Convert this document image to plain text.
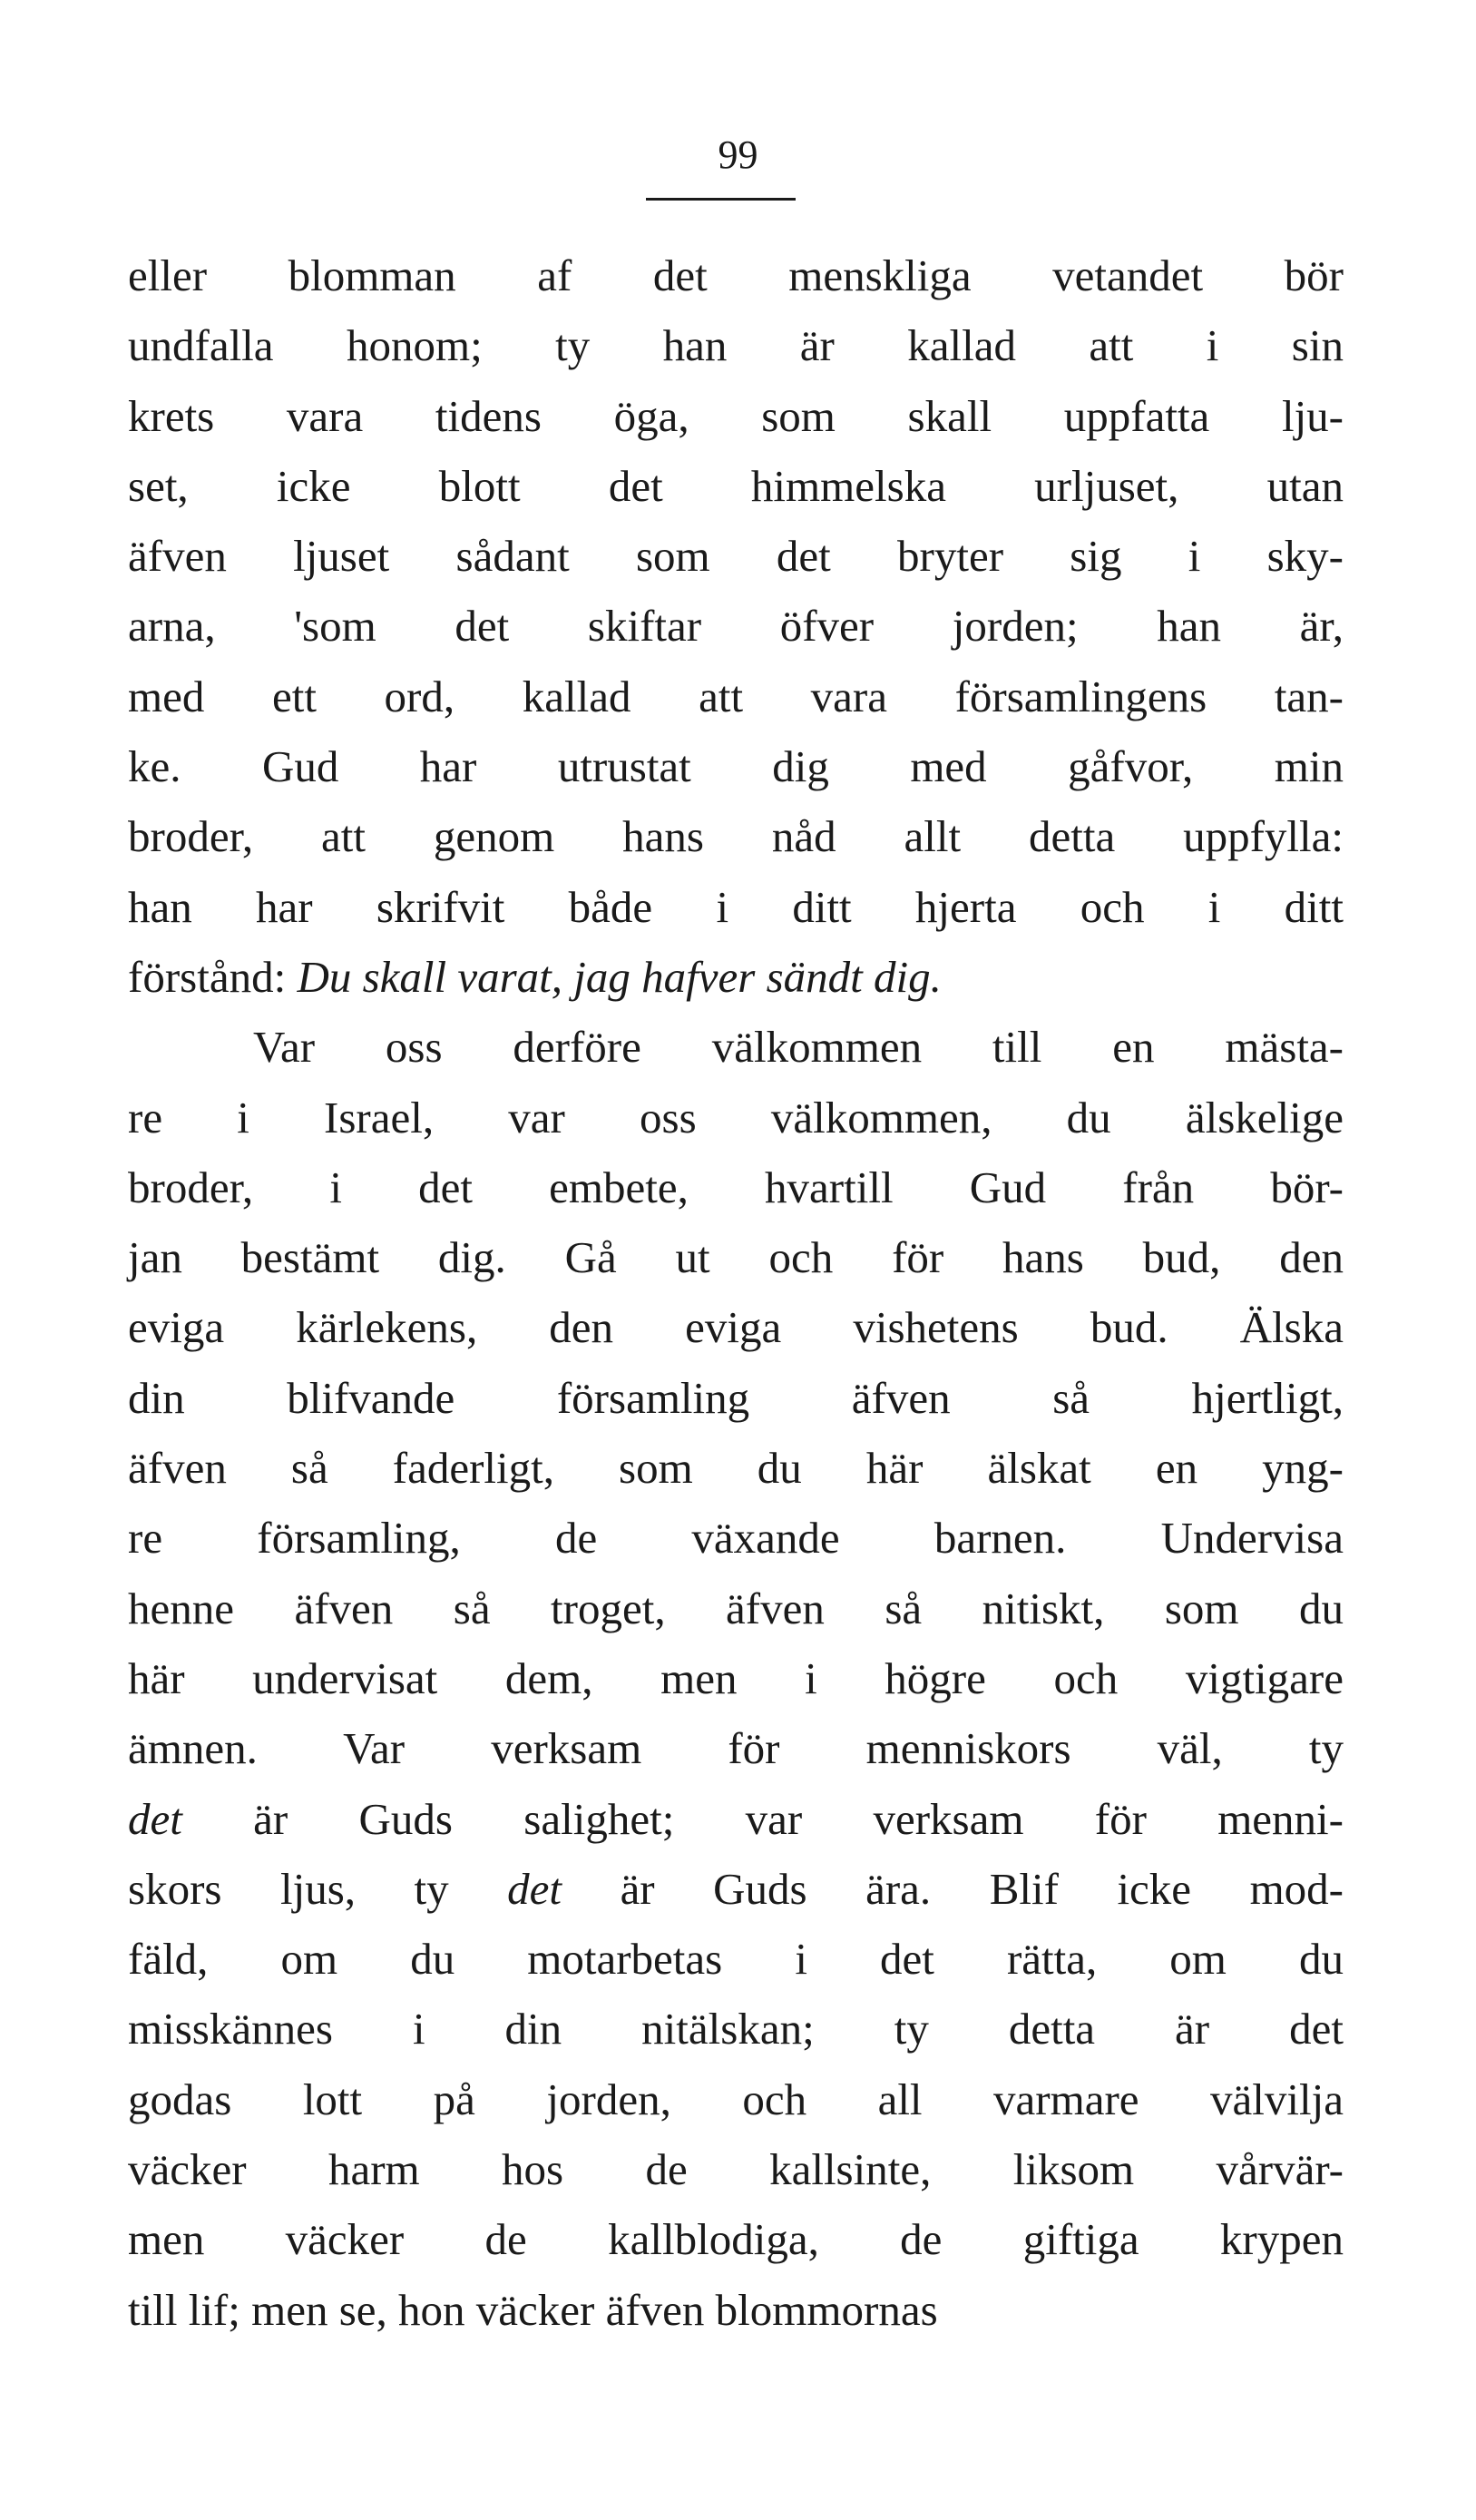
99
eller blomman af det menskliga vetandet bör
undfalla honom; ty han är kallad att i sin
krets vara tidens öga, som skall uppfatta lju-
set, icke blott det himmelska urljuset, utan
äfven ljuset sådant som det bryter sig i sky-
arna, 'som det skiftar öfver jorden; han är,
med ett ord, kallad att vara församlingens tan-
ke. Gud har utrustat dig med gåfvor, min
broder, att genom hans nåd allt detta uppfylla:
han har skrifvit både i ditt hjerta och i ditt
förstånd: Du skall varat, jag hafver sändt dig.
Var oss derföre välkommen till en mästa-
re i Israel, var oss välkommen, du älskelige
broder, i det embete, hvartill Gud från bör-
jan bestämt dig. Gå ut och för hans bud, den
eviga kärlekens, den eviga vishetens bud. Älska
din blifvande församling äfven så hjertligt,
äfven så faderligt, som du här älskat en yng-
re församling, de växande barnen. Undervisa
henne äfven så troget, äfven så nitiskt, som du
här undervisat dem, men i högre och vigtigare
ämnen. Var verksam för menniskors väl, ty
det är Guds salighet; var verksam för menni-
skors ljus, ty det är Guds ära. Blif icke mod-
fäld, om du motarbetas i det rätta, om du
misskännes i din nitälskan; ty detta är det
godas lott på jorden, och all varmare välvilja
väcker harm hos de kallsinte, liksom vårvär-
men väcker de kallblodiga, de giftiga krypen
till lif; men se, hon väcker äfven blommornas
